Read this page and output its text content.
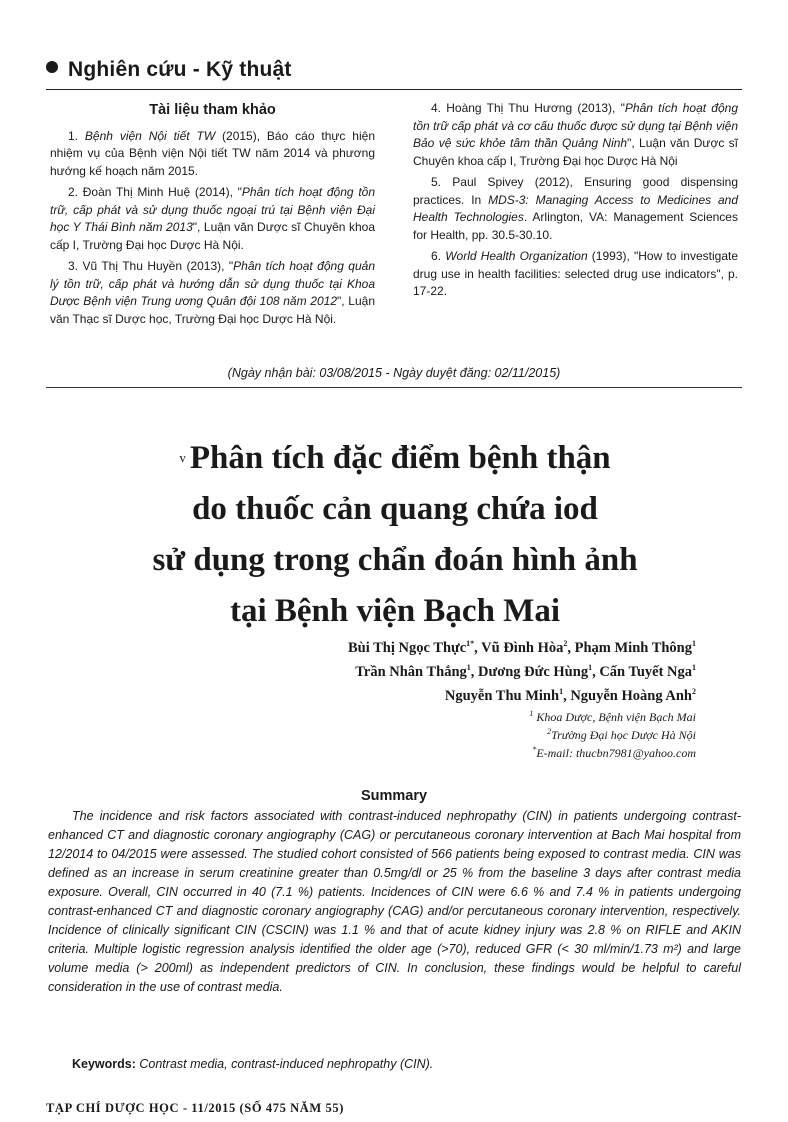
Nghiên cứu - Kỹ thuật
Tài liệu tham khảo
1. Bệnh viện Nội tiết TW (2015), Báo cáo thực hiện nhiệm vụ của Bệnh viện Nội tiết TW năm 2014 và phương hướng kế hoạch năm 2015.
2. Đoàn Thị Minh Huệ (2014), "Phân tích hoạt động tồn trữ, cấp phát và sử dụng thuốc ngoại trú tại Bệnh viện Đại học Y Thái Bình năm 2013", Luận văn Dược sĩ Chuyên khoa cấp I, Trường Đại học Dược Hà Nội.
3. Vũ Thị Thu Huyền (2013), "Phân tích hoạt động quản lý tồn trữ, cấp phát và hướng dẫn sử dụng thuốc tại Khoa Dược Bệnh viện Trung ương Quân đội 108 năm 2012", Luận văn Thạc sĩ Dược học, Trường Đại học Dược Hà Nội.
4. Hoàng Thị Thu Hương (2013), "Phân tích hoạt động tồn trữ cấp phát và cơ cấu thuốc được sử dụng tại Bệnh viện Bảo vệ sức khỏe tâm thần Quảng Ninh", Luận văn Dược sĩ Chuyên khoa cấp I, Trường Đại học Dược Hà Nội
5. Paul Spivey (2012), Ensuring good dispensing practices. In MDS-3: Managing Access to Medicines and Health Technologies. Arlington, VA: Management Sciences for Health, pp. 30.5-30.10.
6. World Health Organization (1993), "How to investigate drug use in health facilities: selected drug use indicators", p. 17-22.
(Ngày nhận bài: 03/08/2015 - Ngày duyệt đăng: 02/11/2015)
v Phân tích đặc điểm bệnh thận
do thuốc cản quang chứa iod
sử dụng trong chẩn đoán hình ảnh
tại Bệnh viện Bạch Mai
Bùi Thị Ngọc Thực$^{1*}$, Vũ Đình Hòa$^2$, Phạm Minh Thông$^1$
Trần Nhân Thắng$^1$, Dương Đức Hùng$^1$, Cấn Tuyết Nga$^1$
Nguyễn Thu Minh$^1$, Nguyễn Hoàng Anh$^2$
$^1$ Khoa Dược, Bệnh viện Bạch Mai
$^2$Trường Đại học Dược Hà Nội
*E-mail: thucbn7981@yahoo.com
Summary
The incidence and risk factors associated with contrast-induced nephropathy (CIN) in patients undergoing contrast-enhanced CT and diagnostic coronary angiography (CAG) or percutaneous coronary intervention at Bach Mai hospital from 12/2014 to 04/2015 were assessed. The studied cohort consisted of 566 patients being exposed to contrast media. CIN was defined as an increase in serum creatinine greater than 0.5mg/dl or 25 % from the baseline 3 days after contrast media exposure. Overall, CIN occurred in 40 (7.1 %) patients. Incidences of CIN were 6.6 % and 7.4 % in patients undergoing contrast-enhanced CT and diagnostic coronary angiography (CAG) and/or percutaneous coronary intervention, respectively. Incidence of clinically significant CIN (CSCIN) was 1.1 % and that of acute kidney injury was 2.8 % on RIFLE and AKIN criteria. Multiple logistic regression analysis identified the older age (>70), reduced GFR (< 30 ml/min/1.73 m²) and large volume media (> 200ml) as independent predictors of CIN. In conclusion, these findings would be helpful to careful consideration in the use of contrast media.
Keywords: Contrast media, contrast-induced nephropathy (CIN).
TẠP CHÍ DƯỢC HỌC - 11/2015 (SỐ 475 NĂM 55)
